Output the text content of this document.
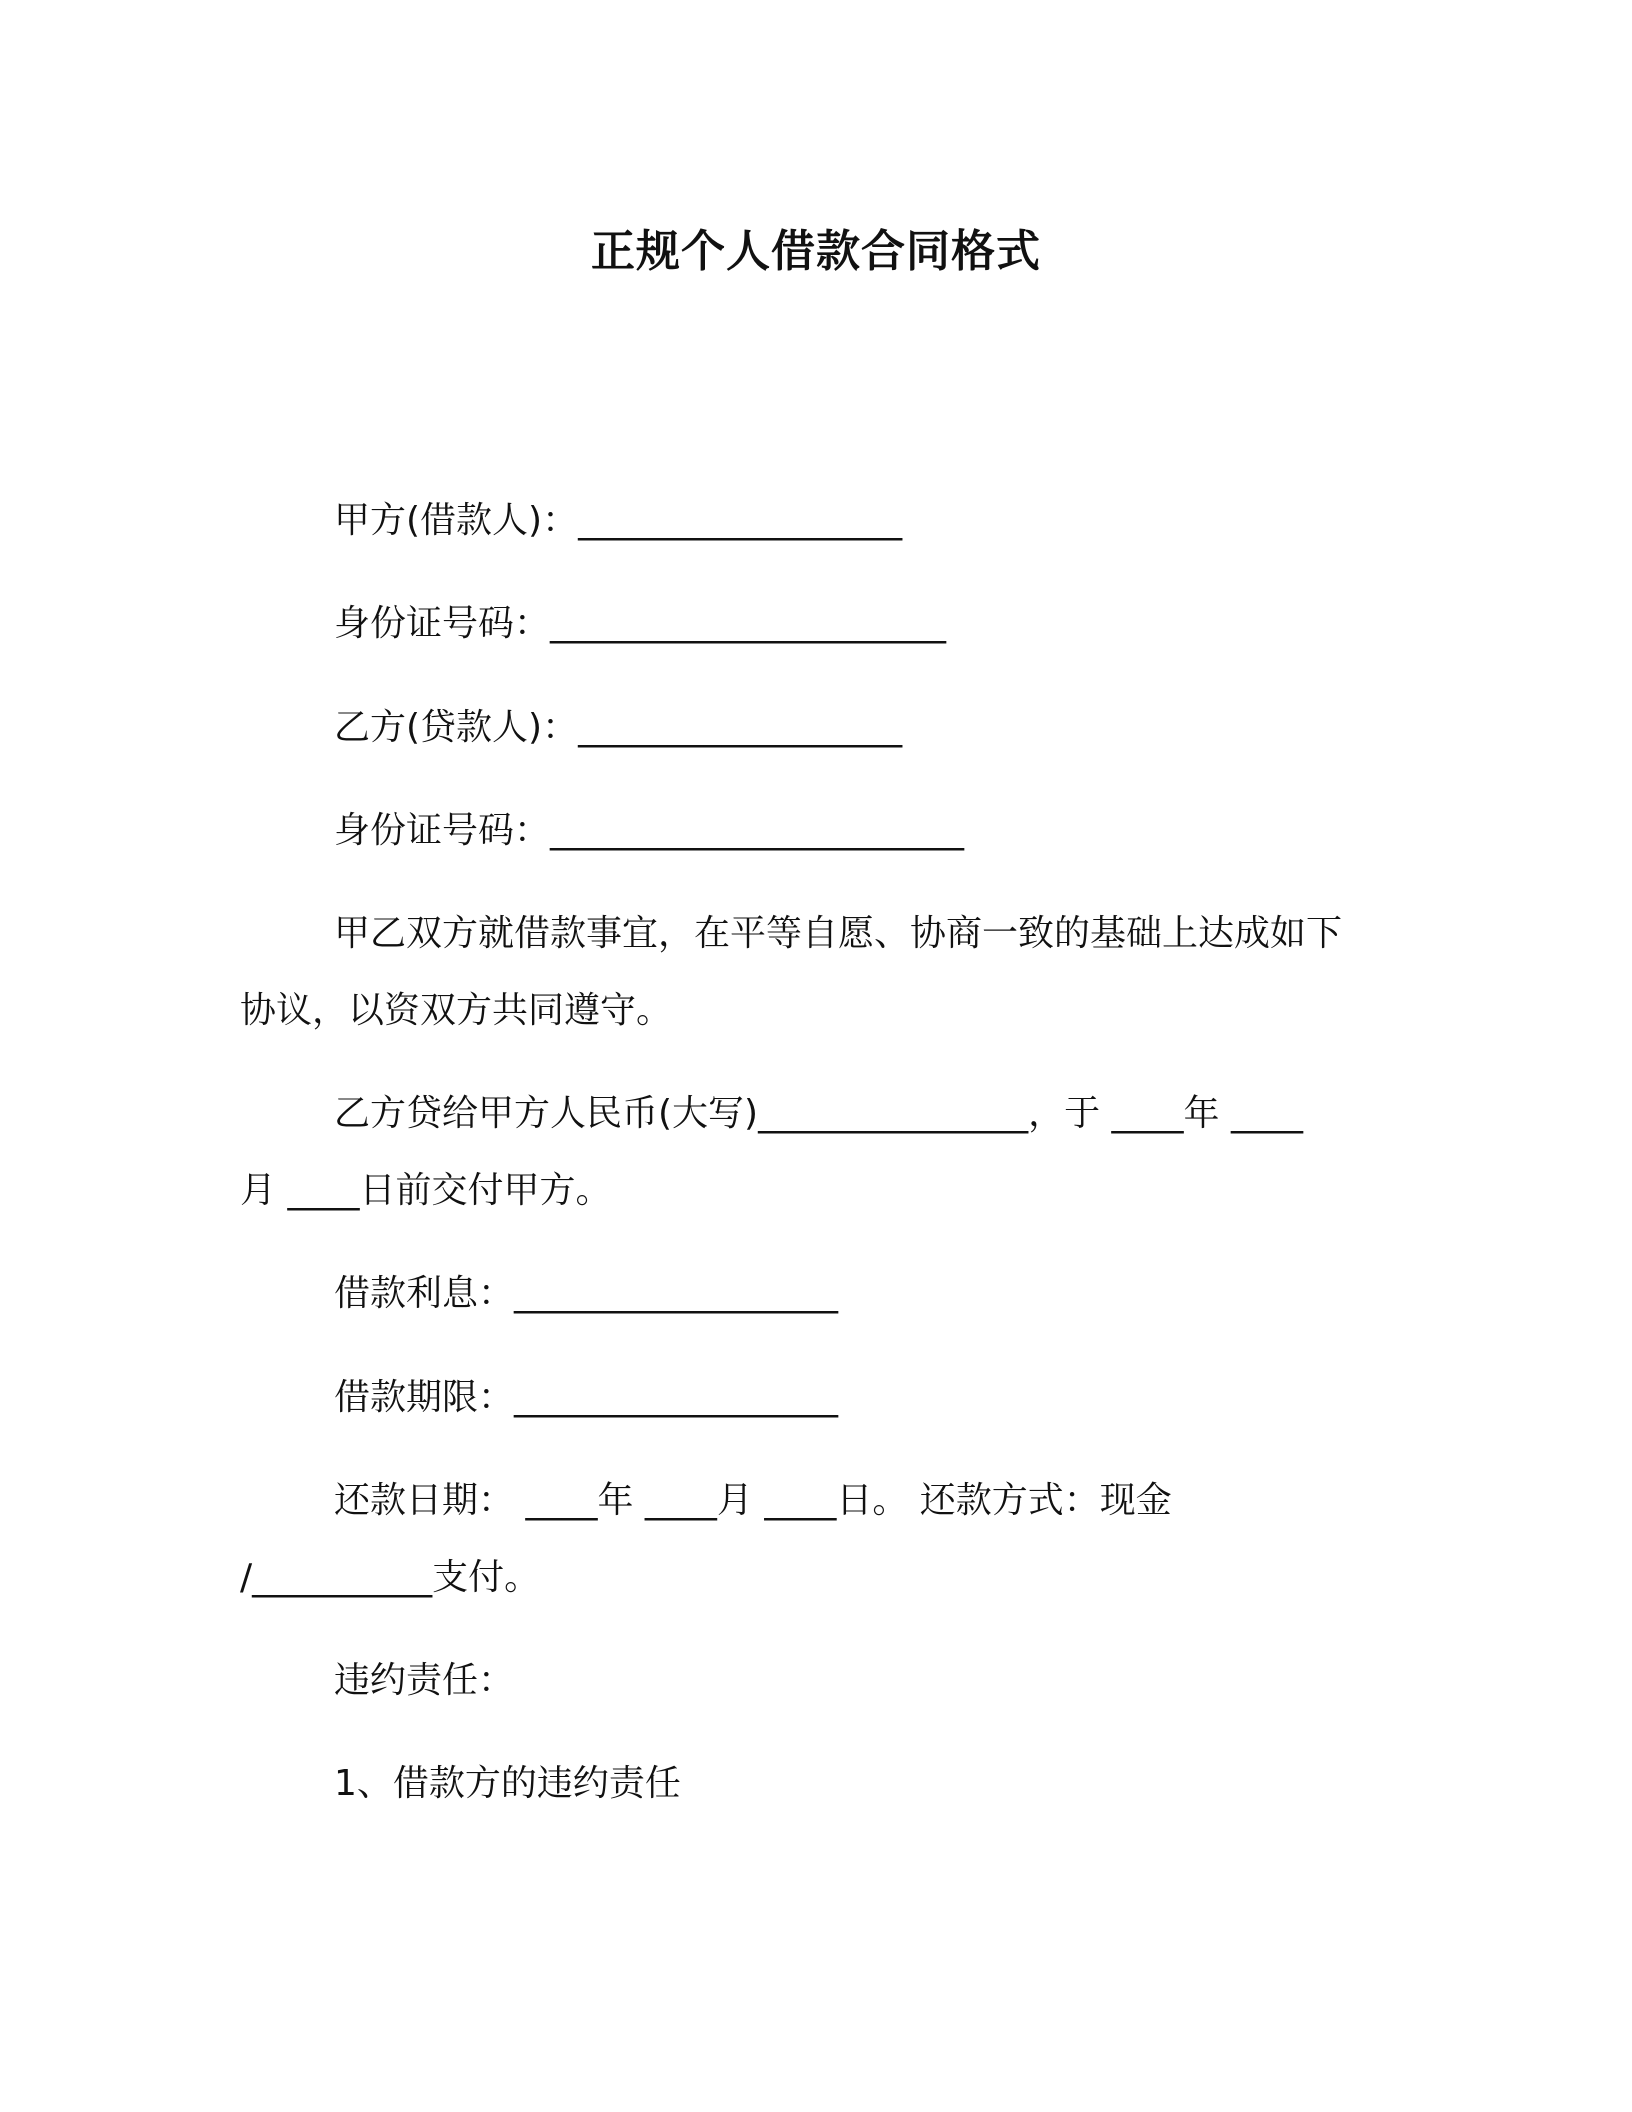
正规个人借款合同格式
甲方(借款人)：__________________
身份证号码：______________________
乙方(贷款人)：__________________
身份证号码：_______________________
甲乙双方就借款事宜，在平等自愿、协商一致的基础上达成如下
协议，以资双方共同遵守。
乙方贷给甲方人民币(大写)_______________，于 ____年 ____
月 ____日前交付甲方。
借款利息：__________________
借款期限：__________________
还款日期： ____年 ____月 ____日。 还款方式：现金
/__________支付。
违约责任：
1、借款方的违约责任
